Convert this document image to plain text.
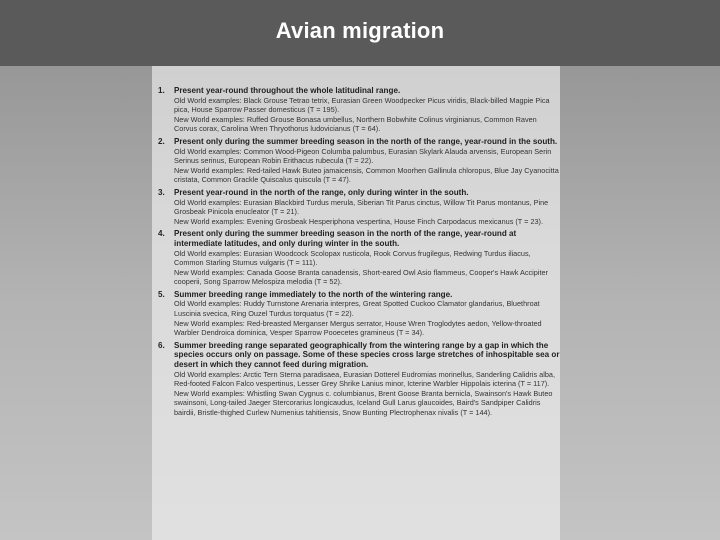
Avian migration
1. Present year-round throughout the whole latitudinal range.
Old World examples: Black Grouse Tetrao tetrix, Eurasian Green Woodpecker Picus viridis, Black-billed Magpie Pica pica, House Sparrow Passer domesticus (T = 195).
New World examples: Ruffed Grouse Bonasa umbellus, Northern Bobwhite Colinus virginianus, Common Raven Corvus corax, Carolina Wren Thryothorus ludovicianus (T = 64).
2. Present only during the summer breeding season in the north of the range, year-round in the south.
Old World examples: Common Wood-Pigeon Columba palumbus, Eurasian Skylark Alauda arvensis, European Serin Serinus serinus, European Robin Erithacus rubecula (T = 22).
New World examples: Red-tailed Hawk Buteo jamaicensis, Common Moorhen Gallinula chloropus, Blue Jay Cyanocitta cristata, Common Grackle Quiscalus quiscula (T = 47).
3. Present year-round in the north of the range, only during winter in the south.
Old World examples: Eurasian Blackbird Turdus merula, Siberian Tit Parus cinctus, Willow Tit Parus montanus, Pine Grosbeak Pinicola enucleator (T = 21).
New World examples: Evening Grosbeak Hesperiphona vespertina, House Finch Carpodacus mexicanus (T = 23).
4. Present only during the summer breeding season in the north of the range, year-round at intermediate latitudes, and only during winter in the south.
Old World examples: Eurasian Woodcock Scolopax rusticola, Rook Corvus frugilegus, Redwing Turdus iliacus, Common Starling Sturnus vulgaris (T = 111).
New World examples: Canada Goose Branta canadensis, Short-eared Owl Asio flammeus, Cooper's Hawk Accipiter cooperii, Song Sparrow Melospiza melodia (T = 52).
5. Summer breeding range immediately to the north of the wintering range.
Old World examples: Ruddy Turnstone Arenaria interpres, Great Spotted Cuckoo Clamator glandarius, Bluethroat Luscinia svecica, Ring Ouzel Turdus torquatus (T = 22).
New World examples: Red-breasted Merganser Mergus serrator, House Wren Troglodytes aedon, Yellow-throated Warbler Dendroica dominica, Vesper Sparrow Pooecetes gramineus (T = 34).
6. Summer breeding range separated geographically from the wintering range by a gap in which the species occurs only on passage. Some of these species cross large stretches of inhospitable sea or desert in which they cannot feed during migration.
Old World examples: Arctic Tern Sterna paradisaea, Eurasian Dotterel Eudromias morinellus, Sanderling Calidris alba, Red-footed Falcon Falco vespertinus, Lesser Grey Shrike Lanius minor, Icterine Warbler Hippolais icterina (T = 117).
New World examples: Whistling Swan Cygnus c. columbianus, Brent Goose Branta bernicla, Swainson's Hawk Buteo swainsoni, Long-tailed Jaeger Stercorarius longicaudus, Iceland Gull Larus glaucoides, Baird's Sandpiper Calidris bairdii, Bristle-thighed Curlew Numenius tahitiensis, Snow Bunting Plectrophenax nivalis (T = 144).
